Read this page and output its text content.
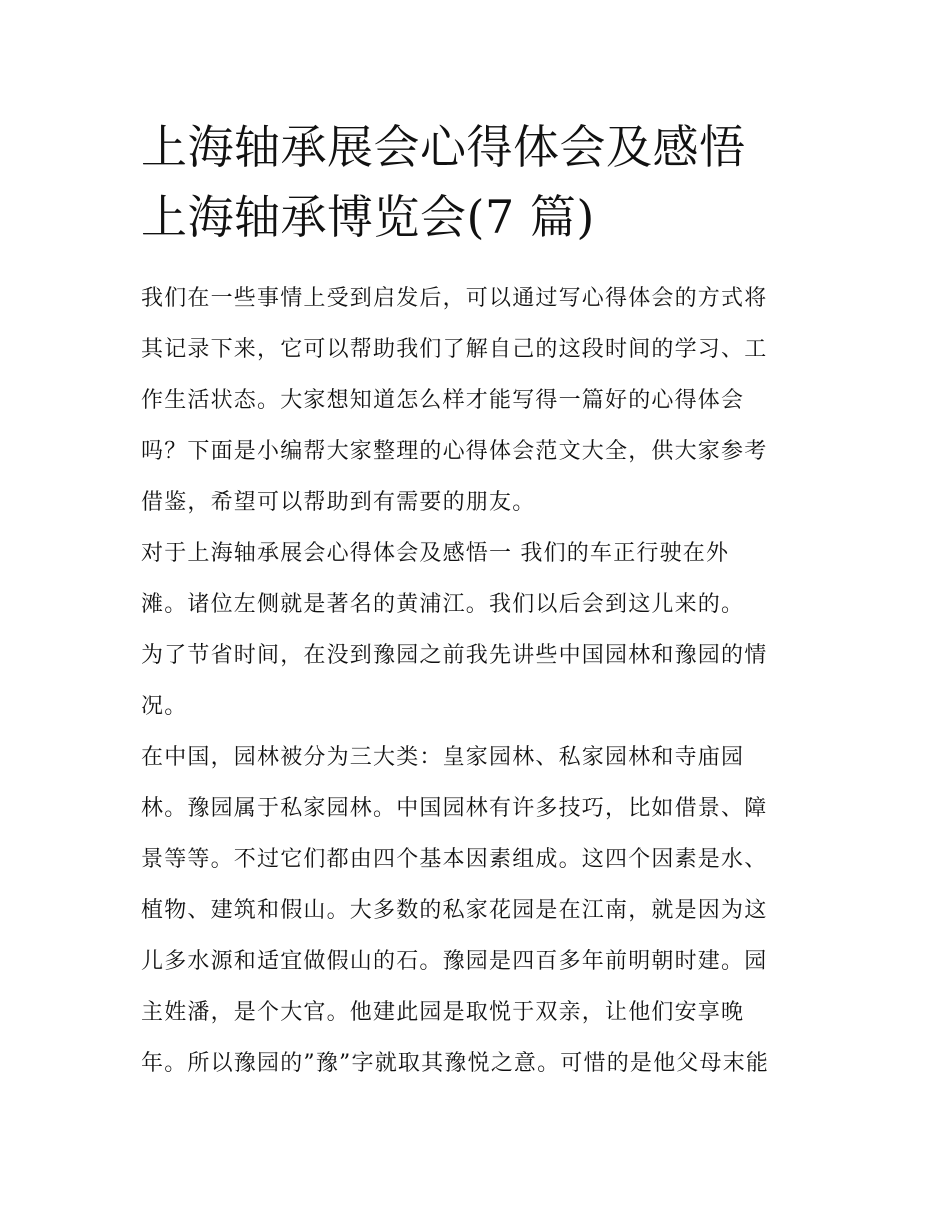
上海轴承展会心得体会及感悟
上海轴承博览会(7 篇)
我们在一些事情上受到启发后，可以通过写心得体会的方式将
其记录下来，它可以帮助我们了解自己的这段时间的学习、工
作生活状态。大家想知道怎么样才能写得一篇好的心得体会
吗？下面是小编帮大家整理的心得体会范文大全，供大家参考
借鉴，希望可以帮助到有需要的朋友。
对于上海轴承展会心得体会及感悟一 我们的车正行驶在外
滩。诸位左侧就是著名的黄浦江。我们以后会到这儿来的。
为了节省时间，在没到豫园之前我先讲些中国园林和豫园的情
况。
在中国，园林被分为三大类：皇家园林、私家园林和寺庙园
林。豫园属于私家园林。中国园林有许多技巧，比如借景、障
景等等。不过它们都由四个基本因素组成。这四个因素是水、
植物、建筑和假山。大多数的私家花园是在江南，就是因为这
儿多水源和适宜做假山的石。豫园是四百多年前明朝时建。园
主姓潘，是个大官。他建此园是取悦于双亲，让他们安享晚
年。所以豫园的”豫”字就取其豫悦之意。可惜的是他父母末能
